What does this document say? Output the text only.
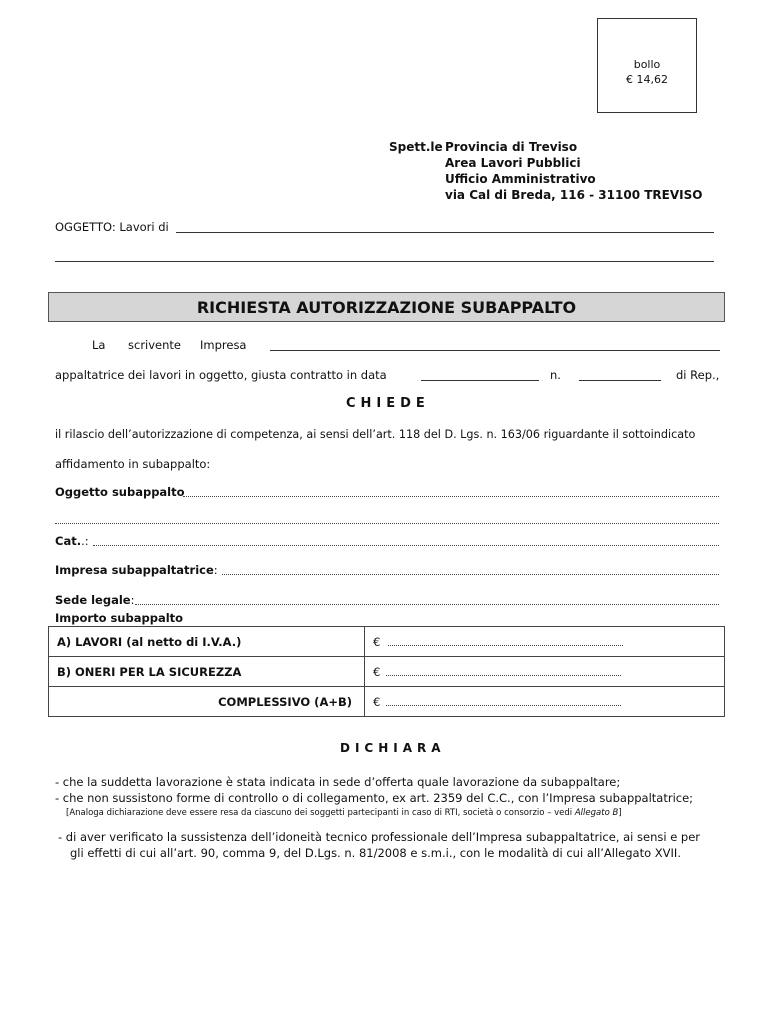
bollo
€ 14,62
Spett.le Provincia di Treviso
Area Lavori Pubblici
Ufficio Amministrativo
via Cal di Breda, 116 - 31100 TREVISO
OGGETTO: Lavori di
RICHIESTA AUTORIZZAZIONE SUBAPPALTO
La scrivente Impresa
appaltatrice dei lavori in oggetto, giusta contratto in data	n.	di Rep.,
CHIEDE
il rilascio dell’autorizzazione di competenza, ai sensi dell’art. 118 del D. Lgs. n. 163/06 riguardante il sottoindicato
affidamento in subappalto:
Oggetto subappalto
Cat..:
Impresa subappaltatrice:
Sede legale:
Importo subappalto
A) LAVORI (al netto di I.V.A.)	€
B) ONERI PER LA SICUREZZA	€
COMPLESSIVO (A+B)	€
DICHIARA
- che la suddetta lavorazione è stata indicata in sede d’offerta quale lavorazione da subappaltare;
- che non sussistono forme di controllo o di collegamento, ex art. 2359 del C.C., con l’Impresa subappaltatrice;
[Analoga dichiarazione deve essere resa da ciascuno dei soggetti partecipanti in caso di RTI, società o consorzio – vedi Allegato B]
- di aver verificato la sussistenza dell’idoneità tecnico professionale dell’Impresa subappaltatrice, ai sensi e per
gli effetti di cui all’art. 90, comma 9, del D.Lgs. n. 81/2008 e s.m.i., con le modalità di cui all’Allegato XVII.
